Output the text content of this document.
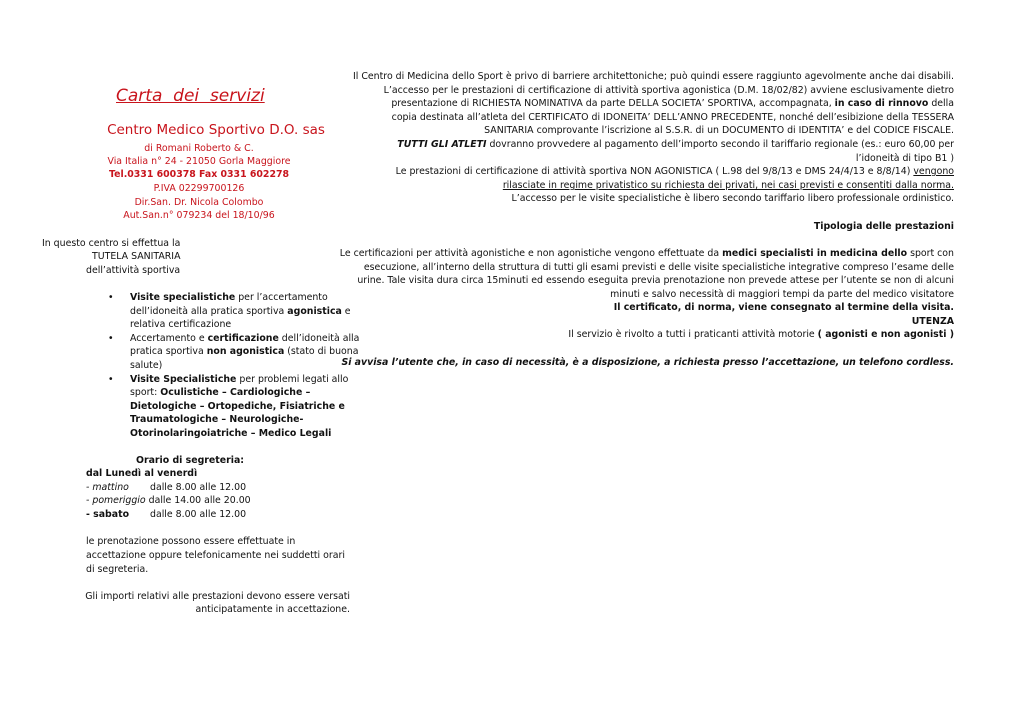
Carta  dei  servizi
Centro Medico Sportivo D.O. sas
di Romani Roberto & C.
Via Italia n° 24 - 21050 Gorla Maggiore
Tel.0331 600378 Fax 0331 602278
P.IVA 02299700126
Dir.San. Dr. Nicola Colombo
Aut.San.n° 079234 del 18/10/96
In questo centro si effettua la
TUTELA SANITARIA
dell’attività sportiva
• Visite specialistiche per l’accertamento
dell’idoneità alla pratica sportiva agonistica e
relativa certificazione
• Accertamento e certificazione dell’idoneità alla
pratica sportiva non agonistica (stato di buona
salute)
• Visite Specialistiche per problemi legati allo
sport: Oculistiche – Cardiologiche –
Dietologiche – Ortopediche, Fisiatriche e
Traumatologiche – Neurologiche-
Otorinolaringoiatriche – Medico Legali
Orario di segreteria:
dal Lunedì al venerdì
- mattino dalle 8.00 alle 12.00
- pomeriggio dalle 14.00 alle 20.00
- sabato dalle 8.00 alle 12.00
le prenotazione possono essere effettuate in
accettazione oppure telefonicamente nei suddetti orari
di segreteria.
Gli importi relativi alle prestazioni devono essere versati
anticipatamente in accettazione.
Il Centro di Medicina dello Sport è privo di barriere architettoniche; può quindi essere raggiunto agevolmente anche dai disabili.
L’accesso per le prestazioni di certificazione di attività sportiva agonistica (D.M. 18/02/82) avviene esclusivamente dietro
presentazione di RICHIESTA NOMINATIVA da parte DELLA SOCIETA’ SPORTIVA, accompagnata, in caso di rinnovo della
copia destinata all’atleta del CERTIFICATO di IDONEITA’ DELL’ANNO PRECEDENTE, nonché dell’esibizione della TESSERA
SANITARIA comprovante l’iscrizione al S.S.R. di un DOCUMENTO di IDENTITA’ e del CODICE FISCALE.
TUTTI GLI ATLETI dovranno provvedere al pagamento dell’importo secondo il tariffario regionale (es.: euro 60,00 per
l’idoneità di tipo B1 )
Le prestazioni di certificazione di attività sportiva NON AGONISTICA ( L.98 del 9/8/13 e DMS 24/4/13 e 8/8/14) vengono
rilasciate in regime privatistico su richiesta dei privati, nei casi previsti e consentiti dalla norma.
L’accesso per le visite specialistiche è libero secondo tariffario libero professionale ordinistico.
Tipologia delle prestazioni
Le certificazioni per attività agonistiche e non agonistiche vengono effettuate da medici specialisti in medicina dello sport con
esecuzione, all’interno della struttura di tutti gli esami previsti e delle visite specialistiche integrative compreso l’esame delle
urine. Tale visita dura circa 15minuti ed essendo eseguita previa prenotazione non prevede attese per l’utente se non di alcuni
minuti e salvo necessità di maggiori tempi da parte del medico visitatore
Il certificato, di norma, viene consegnato al termine della visita.
UTENZA
Il servizio è rivolto a tutti i praticanti attività motorie ( agonisti e non agonisti )
Si avvisa l’utente che, in caso di necessità, è a disposizione, a richiesta presso l’accettazione, un telefono cordless.
